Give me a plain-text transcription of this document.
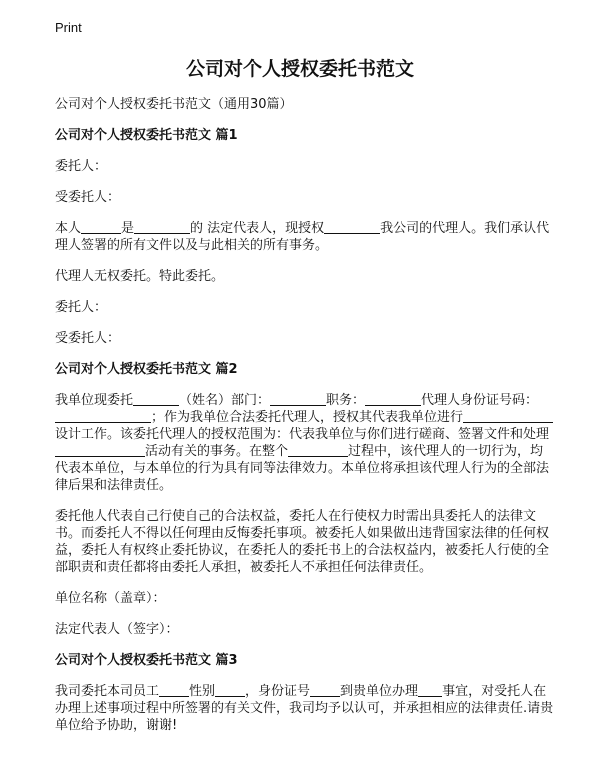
Print
公司对个人授权委托书范文

公司对个人授权委托书范文（通用30篇）

公司对个人授权委托书范文 篇1

委托人：

受委托人：

本人	是	的 法定代表人，现授权	我公司的代理人。我们承认代理人签署的所有文件以及与此相关的所有事务。

代理人无权委托。特此委托。

委托人：

受委托人：

公司对个人授权委托书范文 篇2

我单位现委托	（姓名）部门：	职务：	代理人身份证号码：；作为我单位合法委托代理人，授权其代表我单位进行设计工作。该委托代理人的授权范围为：代表我单位与你们进行磋商、签署文件和处理活动有关的事务。在整个	过程中，该代理人的一切行为，均代表本单位，与本单位的行为具有同等法律效力。本单位将承担该代理人行为的全部法律后果和法律责任。

委托他人代表自己行使自己的合法权益，委托人在行使权力时需出具委托人的法律文书。而委托人不得以任何理由反悔委托事项。被委托人如果做出违背国家法律的任何权益，委托人有权终止委托协议，在委托人的委托书上的合法权益内，被委托人行使的全部职责和责任都将由委托人承担，被委托人不承担任何法律责任。

单位名称（盖章）：

法定代表人（签字）：

公司对个人授权委托书范文 篇3

我司委托本司员工 性别 ，身份证号 到贵单位办理 事宜，对受托人在办理上述事项过程中所签署的有关文件，我司均予以认可，并承担相应的法律责任.请贵单位给予协助，谢谢!
